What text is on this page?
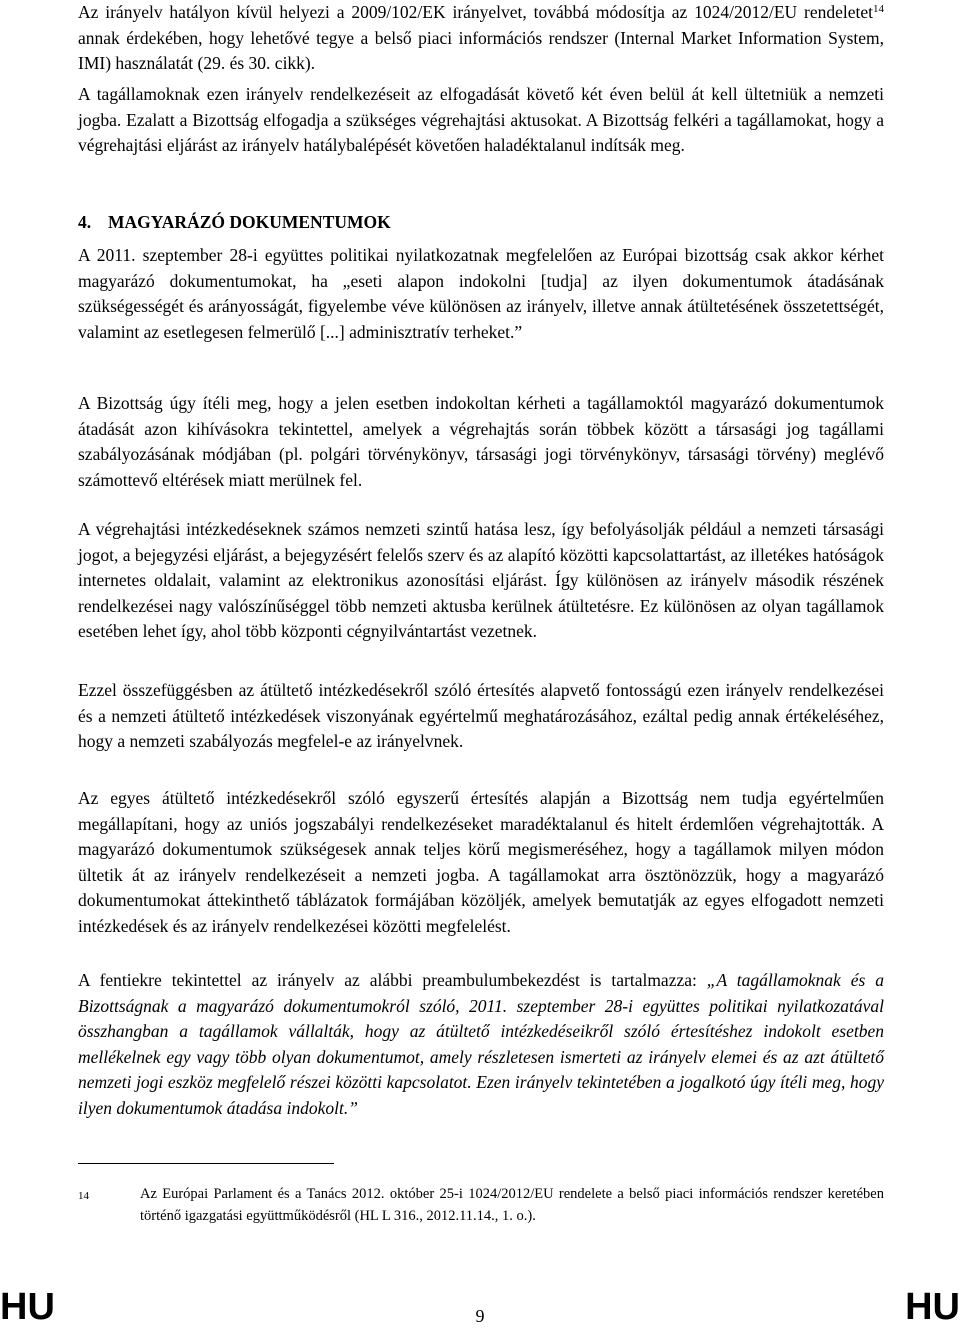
Az irányelv hatályon kívül helyezi a 2009/102/EK irányelvet, továbbá módosítja az 1024/2012/EU rendeletet$^{14}$ annak érdekében, hogy lehetővé tegye a belső piaci információs rendszer (Internal Market Information System, IMI) használatát (29. és 30. cikk).

A tagállamoknak ezen irányelv rendelkezéseit az elfogadását követő két éven belül át kell ültetniük a nemzeti jogba. Ezalatt a Bizottság elfogadja a szükséges végrehajtási aktusokat. A Bizottság felkéri a tagállamokat, hogy a végrehajtási eljárást az irányelv hatálybalépését követően haladéktalanul indítsák meg.

4. MAGYARÁZÓ DOKUMENTUMOK

A 2011. szeptember 28-i együttes politikai nyilatkozatnak megfelelően az Európai bizottság csak akkor kérhet magyarázó dokumentumokat, ha „eseti alapon indokolni [tudja] az ilyen dokumentumok átadásának szükségességét és arányosságát, figyelembe véve különösen az irányelv, illetve annak átültetésének összetettségét, valamint az esetlegesen felmerülő [...] adminisztratív terheket.”

A Bizottság úgy ítéli meg, hogy a jelen esetben indokoltan kérheti a tagállamoktól magyarázó dokumentumok átadását azon kihívásokra tekintettel, amelyek a végrehajtás során többek között a társasági jog tagállami szabályozásának módjában (pl. polgári törvénykönyv, társasági jogi törvénykönyv, társasági törvény) meglévő számottevő eltérések miatt merülnek fel.

A végrehajtási intézkedéseknek számos nemzeti szintű hatása lesz, így befolyásolják például a nemzeti társasági jogot, a bejegyzési eljárást, a bejegyzésért felelős szerv és az alapító közötti kapcsolattartást, az illetékes hatóságok internetes oldalait, valamint az elektronikus azonosítási eljárást. Így különösen az irányelv második részének rendelkezései nagy valószínűséggel több nemzeti aktusba kerülnek átültetésre. Ez különösen az olyan tagállamok esetében lehet így, ahol több központi cégnyilvántartást vezetnek.

Ezzel összefüggésben az átültető intézkedésekről szóló értesítés alapvető fontosságú ezen irányelv rendelkezései és a nemzeti átültető intézkedések viszonyának egyértelmű meghatározásához, ezáltal pedig annak értékeléséhez, hogy a nemzeti szabályozás megfelel-e az irányelvnek.

Az egyes átültető intézkedésekről szóló egyszerű értesítés alapján a Bizottság nem tudja egyértelműen megállapítani, hogy az uniós jogszabályi rendelkezéseket maradéktalanul és hitelt érdemlően végrehajtották. A magyarázó dokumentumok szükségesek annak teljes körű megismeréséhez, hogy a tagállamok milyen módon ültetik át az irányelv rendelkezéseit a nemzeti jogba. A tagállamokat arra ösztönözzük, hogy a magyarázó dokumentumokat áttekinthető táblázatok formájában közöljék, amelyek bemutatják az egyes elfogadott nemzeti intézkedések és az irányelv rendelkezései közötti megfelelést.

A fentiekre tekintettel az irányelv az alábbi preambulumbekezdést is tartalmazza: „A tagállamoknak és a Bizottságnak a magyarázó dokumentumokról szóló, 2011. szeptember 28-i együttes politikai nyilatkozatával összhangban a tagállamok vállalták, hogy az átültető intézkedéseikről szóló értesítéshez indokolt esetben mellékelnek egy vagy több olyan dokumentumot, amely részletesen ismerteti az irányelv elemei és az azt átültető nemzeti jogi eszköz megfelelő részei közötti kapcsolatot. Ezen irányelv tekintetében a jogalkotó úgy ítéli meg, hogy ilyen dokumentumok átadása indokolt.”

14	Az Európai Parlament és a Tanács 2012. október 25-i 1024/2012/EU rendelete a belső piaci információs rendszer keretében történő igazgatási együttműködésről (HL L 316., 2012.11.14., 1. o.).
HU	9	HU
